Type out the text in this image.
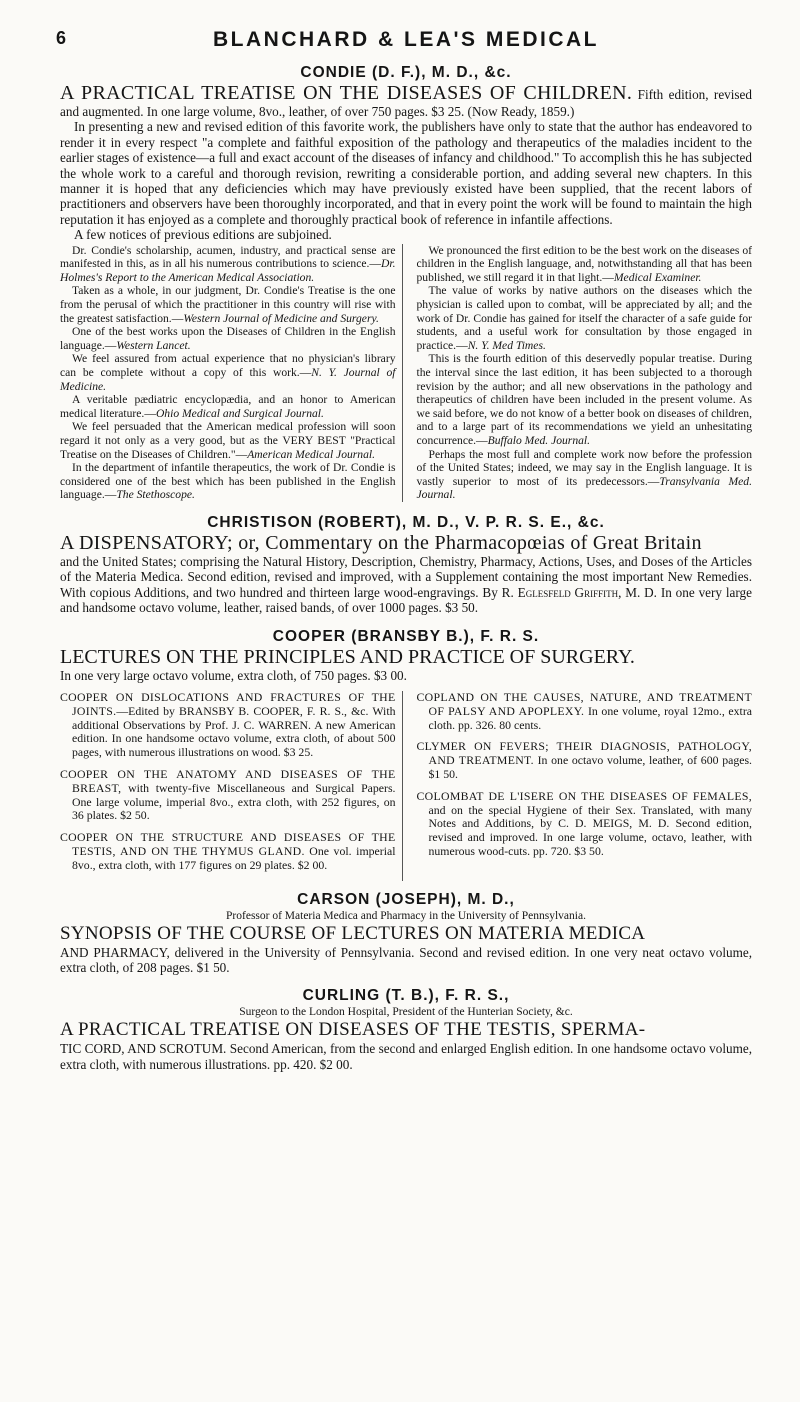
6	BLANCHARD & LEA'S MEDICAL
CONDIE (D. F.), M. D., &c.
A PRACTICAL TREATISE ON THE DISEASES OF CHILDREN. Fifth edition, revised and augmented. In one large volume, 8vo., leather, of over 750 pages. $3 25. (Now Ready, 1859.)

In presenting a new and revised edition of this favorite work, the publishers have only to state that the author has endeavored to render it in every respect "a complete and faithful exposition of the pathology and therapeutics of the maladies incident to the earlier stages of existence—a full and exact account of the diseases of infancy and childhood." To accomplish this he has subjected the whole work to a careful and thorough revision, rewriting a considerable portion, and adding several new chapters. In this manner it is hoped that any deficiencies which may have previously existed have been supplied, that the recent labors of practitioners and observers have been thoroughly incorporated, and that in every point the work will be found to maintain the high reputation it has enjoyed as a complete and thoroughly practical book of reference in infantile affections.

A few notices of previous editions are subjoined.

Dr. Condie's scholarship, acumen, industry, and practical sense are manifested in this, as in all his numerous contributions to science.—Dr. Holmes's Report to the American Medical Association.

Taken as a whole, in our judgment, Dr. Condie's Treatise is the one from the perusal of which the practitioner in this country will rise with the greatest satisfaction.—Western Journal of Medicine and Surgery.

One of the best works upon the Diseases of Children in the English language.—Western Lancet.

We feel assured from actual experience that no physician's library can be complete without a copy of this work.—N. Y. Journal of Medicine.

A veritable pædiatric encyclopædia, and an honor to American medical literature.—Ohio Medical and Surgical Journal.

We feel persuaded that the American medical profession will soon regard it not only as a very good, but as the VERY BEST "Practical Treatise on the Diseases of Children."—American Medical Journal.

In the department of infantile therapeutics, the work of Dr. Condie is considered one of the best which has been published in the English language.—The Stethoscope.

We pronounced the first edition to be the best work on the diseases of children in the English language, and, notwithstanding all that has been published, we still regard it in that light.—Medical Examiner.

The value of works by native authors on the diseases which the physician is called upon to combat, will be appreciated by all; and the work of Dr. Condie has gained for itself the character of a safe guide for students, and a useful work for consultation by those engaged in practice.—N. Y. Med Times.

This is the fourth edition of this deservedly popular treatise. During the interval since the last edition, it has been subjected to a thorough revision by the author; and all new observations in the pathology and therapeutics of children have been included in the present volume. As we said before, we do not know of a better book on diseases of children, and to a large part of its recommendations we yield an unhesitating concurrence.—Buffalo Med. Journal.

Perhaps the most full and complete work now before the profession of the United States; indeed, we may say in the English language. It is vastly superior to most of its predecessors.—Transylvania Med. Journal.

CHRISTISON (ROBERT), M. D., V. P. R. S. E., &c.
A DISPENSATORY; or, Commentary on the Pharmacopœias of Great Britain

and the United States; comprising the Natural History, Description, Chemistry, Pharmacy, Actions, Uses, and Doses of the Articles of the Materia Medica. Second edition, revised and improved, with a Supplement containing the most important New Remedies. With copious Additions, and two hundred and thirteen large wood-engravings. By R. Eglesfeld Griffith, M. D. In one very large and handsome octavo volume, leather, raised bands, of over 1000 pages. $3 50.

COOPER (BRANSBY B.), F. R. S.
LECTURES ON THE PRINCIPLES AND PRACTICE OF SURGERY.

In one very large octavo volume, extra cloth, of 750 pages. $3 00.

COOPER ON DISLOCATIONS AND FRACTURES OF THE JOINTS.—Edited by BRANSBY B. COOPER, F. R. S., &c. With additional Observations by Prof. J. C. WARREN. A new American edition. In one handsome octavo volume, extra cloth, of about 500 pages, with numerous illustrations on wood. $3 25.

COOPER ON THE ANATOMY AND DISEASES OF THE BREAST, with twenty-five Miscellaneous and Surgical Papers. One large volume, imperial 8vo., extra cloth, with 252 figures, on 36 plates. $2 50.

COOPER ON THE STRUCTURE AND DISEASES OF THE TESTIS, AND ON THE THYMUS GLAND. One vol. imperial 8vo., extra cloth, with 177 figures on 29 plates. $2 00.

COPLAND ON THE CAUSES, NATURE, AND TREATMENT OF PALSY AND APOPLEXY. In one volume, royal 12mo., extra cloth. pp. 326. 80 cents.

CLYMER ON FEVERS; THEIR DIAGNOSIS, PATHOLOGY, AND TREATMENT. In one octavo volume, leather, of 600 pages. $1 50.

COLOMBAT DE L'ISERE ON THE DISEASES OF FEMALES, and on the special Hygiene of their Sex. Translated, with many Notes and Additions, by C. D. MEIGS, M. D. Second edition, revised and improved. In one large volume, octavo, leather, with numerous wood-cuts. pp. 720. $3 50.

CARSON (JOSEPH), M. D.,
Professor of Materia Medica and Pharmacy in the University of Pennsylvania.
SYNOPSIS OF THE COURSE OF LECTURES ON MATERIA MEDICA

AND PHARMACY, delivered in the University of Pennsylvania. Second and revised edition. In one very neat octavo volume, extra cloth, of 208 pages. $1 50.

CURLING (T. B.), F. R. S.,
Surgeon to the London Hospital, President of the Hunterian Society, &c.
A PRACTICAL TREATISE ON DISEASES OF THE TESTIS, SPERMA-

TIC CORD, AND SCROTUM. Second American, from the second and enlarged English edition. In one handsome octavo volume, extra cloth, with numerous illustrations. pp. 420. $2 00.
